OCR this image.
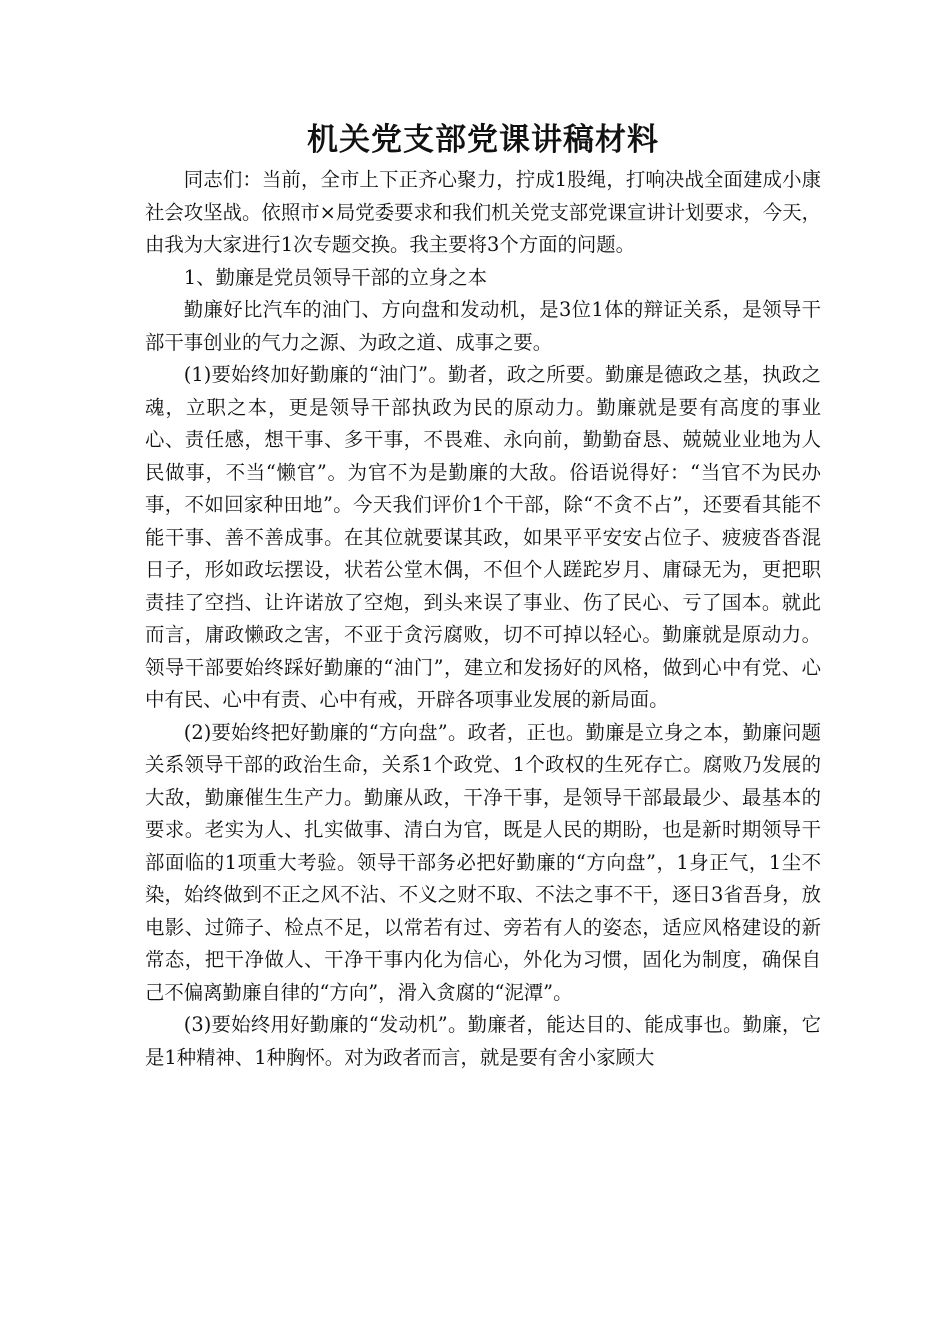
机关党支部党课讲稿材料

同志们：当前，全市上下正齐心聚力，拧成1股绳，打响决战全面建成小康社会攻坚战。依照市×局党委要求和我们机关党支部党课宣讲计划要求，今天，由我为大家进行1次专题交换。我主要将3个方面的问题。

1、勤廉是党员领导干部的立身之本

勤廉好比汽车的油门、方向盘和发动机，是3位1体的辩证关系，是领导干部干事创业的气力之源、为政之道、成事之要。

(1)要始终加好勤廉的“油门”。勤者，政之所要。勤廉是德政之基，执政之魂，立职之本，更是领导干部执政为民的原动力。勤廉就是要有高度的事业心、责任感，想干事、多干事，不畏难、永向前，勤勤奋恳、兢兢业业地为人民做事，不当“懒官”。为官不为是勤廉的大敌。俗语说得好：“当官不为民办事，不如回家种田地”。今天我们评价1个干部，除“不贪不占”，还要看其能不能干事、善不善成事。在其位就要谋其政，如果平平安安占位子、疲疲沓沓混日子，形如政坛摆设，状若公堂木偶，不但个人蹉跎岁月、庸碌无为，更把职责挂了空挡、让许诺放了空炮，到头来误了事业、伤了民心、亏了国本。就此而言，庸政懒政之害，不亚于贪污腐败，切不可掉以轻心。勤廉就是原动力。领导干部要始终踩好勤廉的“油门”，建立和发扬好的风格，做到心中有党、心中有民、心中有责、心中有戒，开辟各项事业发展的新局面。

(2)要始终把好勤廉的“方向盘”。政者，正也。勤廉是立身之本，勤廉问题关系领导干部的政治生命，关系1个政党、1个政权的生死存亡。腐败乃发展的大敌，勤廉催生生产力。勤廉从政，干净干事，是领导干部最最少、最基本的要求。老实为人、扎实做事、清白为官，既是人民的期盼，也是新时期领导干部面临的1项重大考验。领导干部务必把好勤廉的“方向盘”，1身正气，1尘不染，始终做到不正之风不沾、不义之财不取、不法之事不干，逐日3省吾身，放电影、过筛子、检点不足，以常若有过、旁若有人的姿态，适应风格建设的新常态，把干净做人、干净干事内化为信心，外化为习惯，固化为制度，确保自己不偏离勤廉自律的“方向”，滑入贪腐的“泥潭”。

(3)要始终用好勤廉的“发动机”。勤廉者，能达目的、能成事也。勤廉，它是1种精神、1种胸怀。对为政者而言，就是要有舍小家顾大
